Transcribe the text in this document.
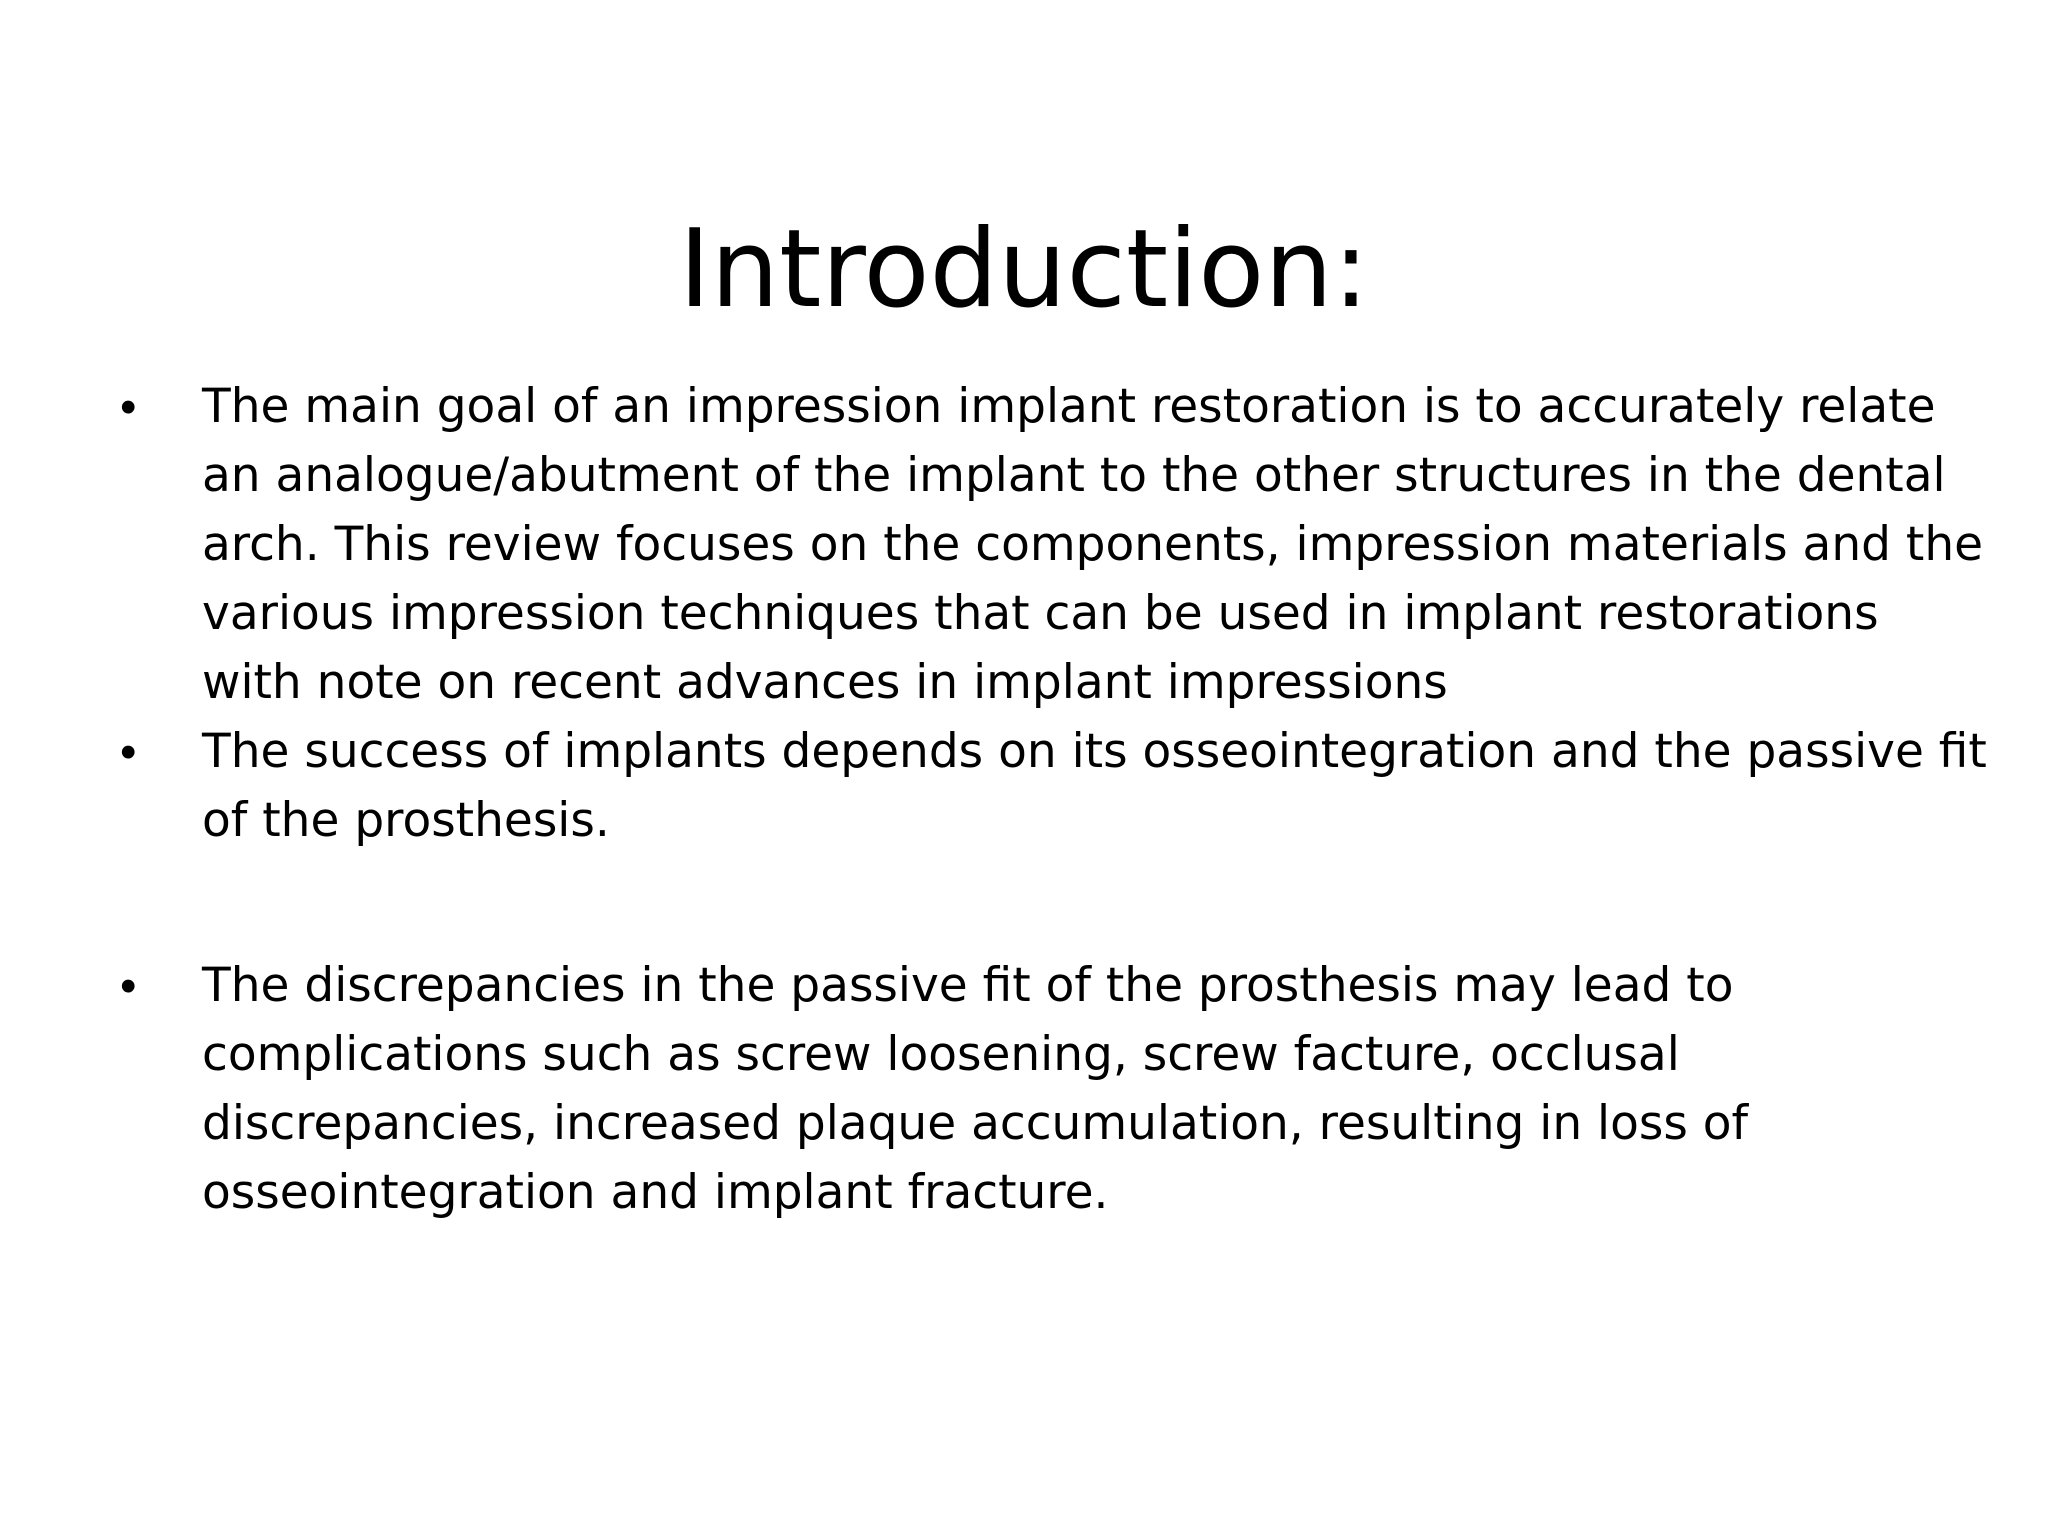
Introduction:
•	The main goal of an impression implant restoration is to accurately relate an analogue/abutment of the implant to the other structures in the dental arch. This review focuses on the components, impression materials and the various impression techniques that can be used in implant restorations with note on recent advances in implant impressions
•	The success of implants depends on its osseointegration and the passive fit of the prosthesis.
•	The discrepancies in the passive fit of the prosthesis may lead to complications such as screw loosening, screw facture, occlusal discrepancies, increased plaque accumulation, resulting in loss of osseointegration and implant fracture.
